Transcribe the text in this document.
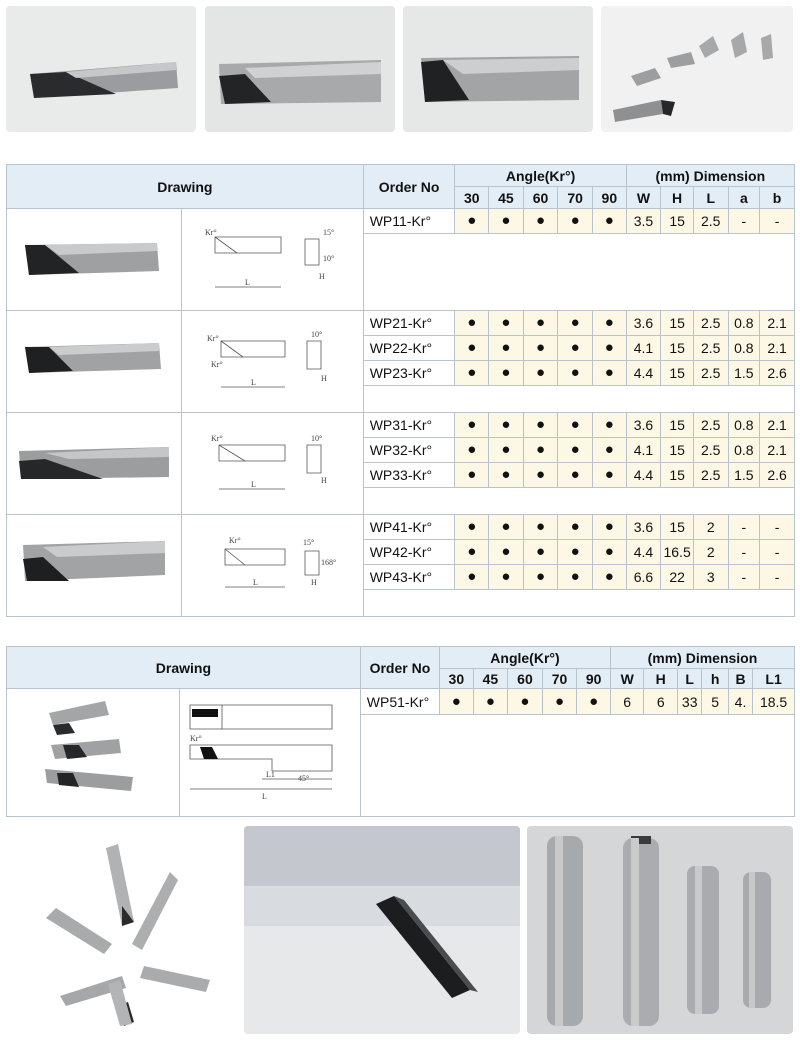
Drawing		Order No	Angle(Kr°)					(mm) Dimension				
			30	45	60	70	90	W	H	L	a	b

Kr°
L
15°
10°
H	WP11-Kr°	●	●	●	●	●	3.5	15	2.5	-	-

Kr°
Kr°
L
10°
H	WP21-Kr°	●	●	●	●	●	3.6	15	2.5	0.8	2.1
		WP22-Kr°	●	●	●	●	●	4.1	15	2.5	0.8	2.1
		WP23-Kr°	●	●	●	●	●	4.4	15	2.5	1.5	2.6

Kr°
L
10°
H	WP31-Kr°	●	●	●	●	●	3.6	15	2.5	0.8	2.1
		WP32-Kr°	●	●	●	●	●	4.1	15	2.5	0.8	2.1
		WP33-Kr°	●	●	●	●	●	4.4	15	2.5	1.5	2.6

Kr°
L
15°
168°
H	WP41-Kr°	●	●	●	●	●	3.6	15	2	-	-
		WP42-Kr°	●	●	●	●	●	4.4	16.5	2	-	-
		WP43-Kr°	●	●	●	●	●	6.6	22	3	-	-

Drawing		Order No	Angle(Kr°)					(mm) Dimension					
			30	45	60	70	90	W	H	L	h	B	L1

Kr°
L1
L
45°	WP51-Kr°	●	●	●	●	●	6	6	33	5	4.	18.5
